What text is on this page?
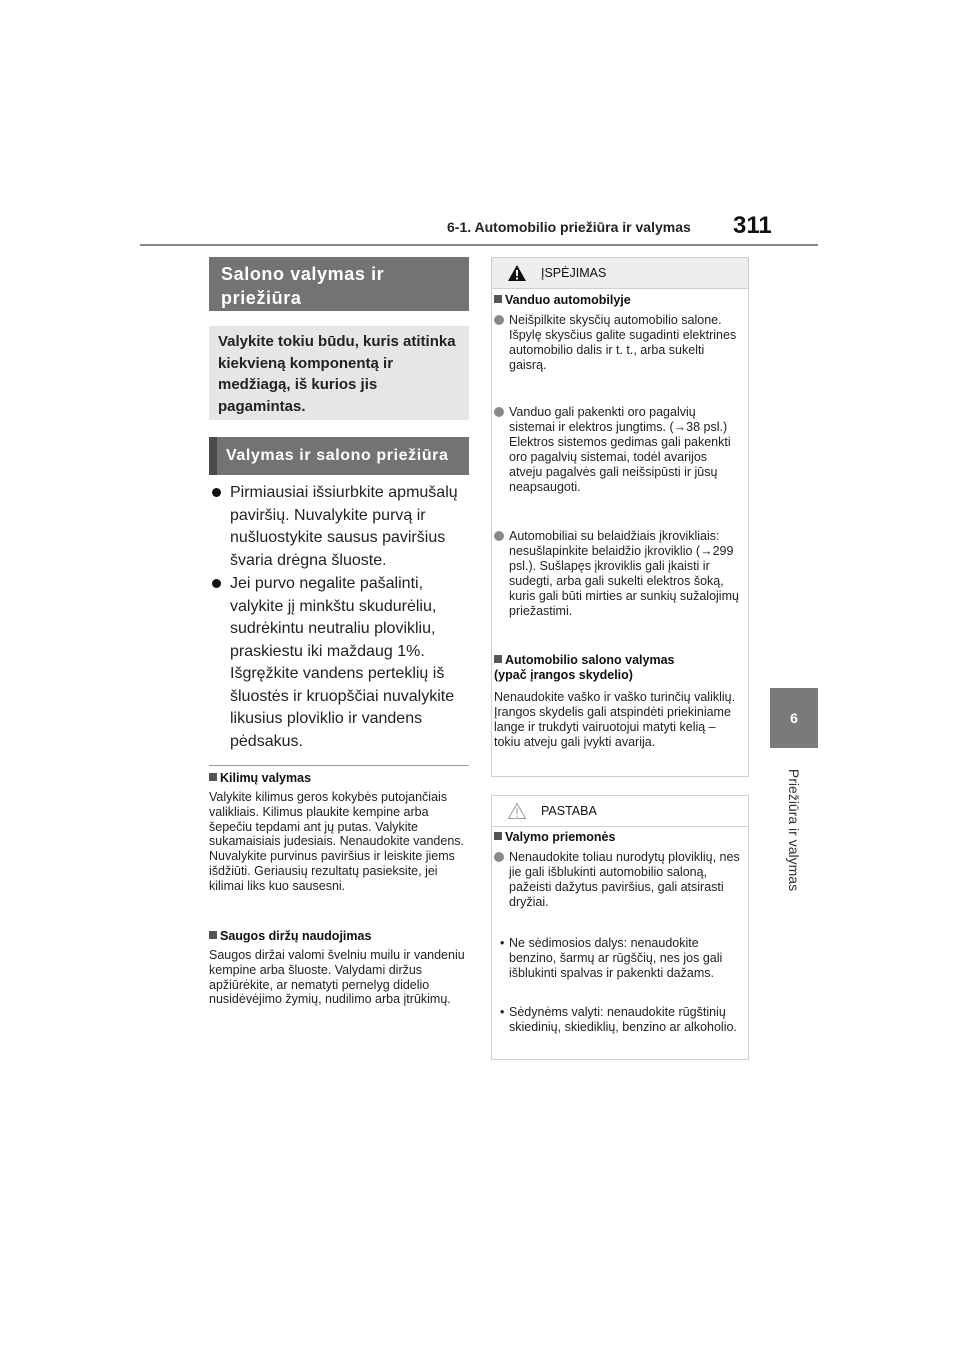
6-1. Automobilio priežiūra ir valymas 311
6
Priežiūra ir valymas
Salono valymas ir priežiūra
Valykite tokiu būdu, kuris atitinka kiekvieną komponentą ir medžiagą, iš kurios jis pagamintas.
Valymas ir salono priežiūra
Pirmiausiai išsiurbkite apmušalų paviršių. Nuvalykite purvą ir nušluostykite sausus paviršius švaria drėgna šluoste.
Jei purvo negalite pašalinti, valykite jį minkštu skudurėliu, sudrėkintu neutraliu plovikliu, praskiestu iki maždaug 1%. Išgręžkite vandens perteklių iš šluostės ir kruopščiai nuvalykite likusius ploviklio ir vandens pėdsakus.
Kilimų valymas
Valykite kilimus geros kokybės putojančiais valikliais. Kilimus plaukite kempine arba šepečiu tepdami ant jų putas. Valykite sukamaisiais judesiais. Nenaudokite vandens. Nuvalykite purvinus paviršius ir leiskite jiems išdžiūti. Geriausių rezultatų pasieksite, jei kilimai liks kuo sausesni.
Saugos diržų naudojimas
Saugos diržai valomi švelniu muilu ir vandeniu kempine arba šluoste. Valydami diržus apžiūrėkite, ar nematyti pernelyg didelio nusidėvėjimo žymių, nudilimo arba įtrūkimų.
ĮSPĖJIMAS
Vanduo automobilyje
Neišpilkite skysčių automobilio salone.
Išpylę skysčius galite sugadinti elektrines automobilio dalis ir t. t., arba sukelti gaisrą.
Vanduo gali pakenkti oro pagalvių sistemai ir elektros jungtims. (→38 psl.)
Elektros sistemos gedimas gali pakenkti oro pagalvių sistemai, todėl avarijos atveju pagalvės gali neišsipūsti ir jūsų neapsaugoti.
Automobiliai su belaidžiais įkrovikliais:
nesušlapinkite belaidžio įkroviklio (→299 psl.). Sušlapęs įkroviklis gali įkaisti ir sudegti, arba gali sukelti elektros šoką, kuris gali būti mirties ar sunkių sužalojimų priežastimi.
Automobilio salono valymas
(ypač įrangos skydelio)
Nenaudokite vaško ir vaško turinčių valiklių. Įrangos skydelis gali atspindėti priekiniame lange ir trukdyti vairuotojui matyti kelią – tokiu atveju gali įvykti avarija.
PASTABA
Valymo priemonės
Nenaudokite toliau nurodytų ploviklių, nes jie gali išblukinti automobilio saloną, pažeisti dažytus paviršius, gali atsirasti dryžiai.
• Ne sėdimosios dalys: nenaudokite benzino, šarmų ar rūgščių, nes jos gali išblukinti spalvas ir pakenkti dažams.
• Sėdynėms valyti: nenaudokite rūgštinių skiedinių, skiediklių, benzino ar alkoholio.
